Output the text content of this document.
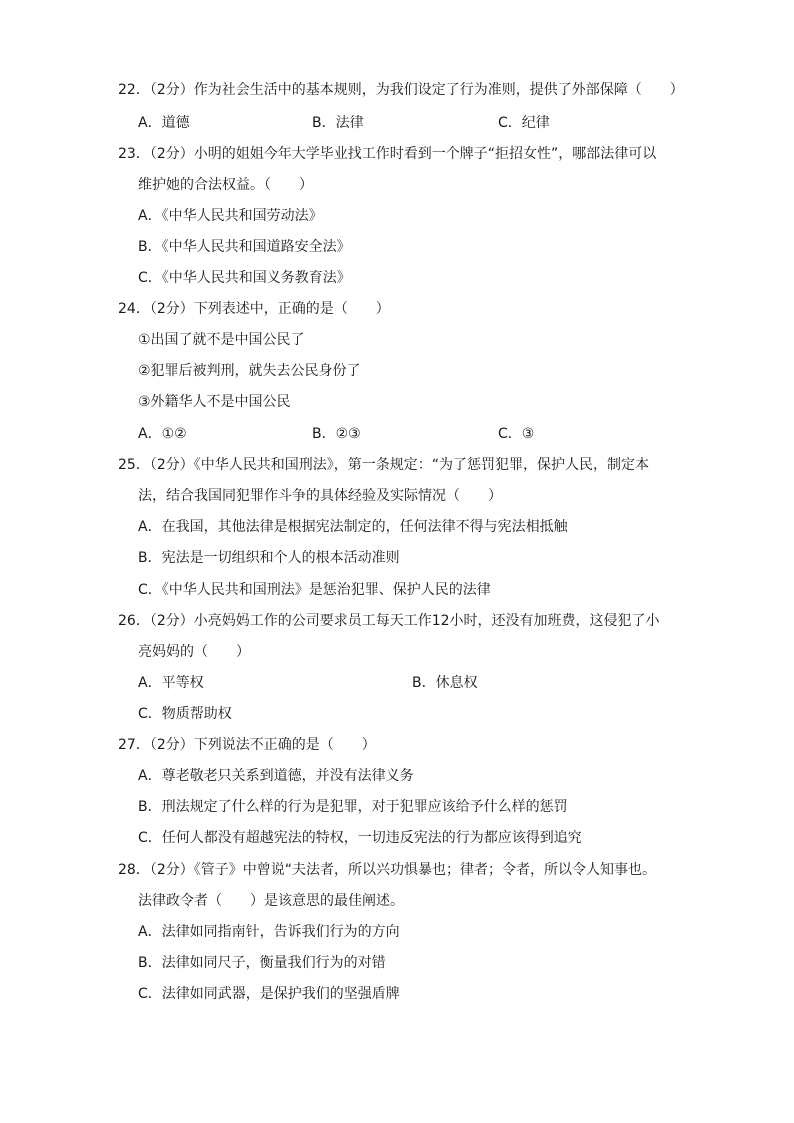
22．（2分）作为社会生活中的基本规则，为我们设定了行为准则，提供了外部保障（　　）
A．道德	B．法律	C．纪律
23．（2分）小明的姐姐今年大学毕业找工作时看到一个牌子“拒招女性”，哪部法律可以
维护她的合法权益。（　　）
A．《中华人民共和国劳动法》
B．《中华人民共和国道路安全法》
C．《中华人民共和国义务教育法》
24．（2分）下列表述中，正确的是（　　）
①出国了就不是中国公民了
②犯罪后被判刑，就失去公民身份了
③外籍华人不是中国公民
A．①②	B．②③	C．③
25．（2分）《中华人民共和国刑法》，第一条规定：“为了惩罚犯罪，保护人民，制定本
法，结合我国同犯罪作斗争的具体经验及实际情况（　　）
A．在我国，其他法律是根据宪法制定的，任何法律不得与宪法相抵触
B．宪法是一切组织和个人的根本活动准则
C．《中华人民共和国刑法》是惩治犯罪、保护人民的法律
26．（2分）小亮妈妈工作的公司要求员工每天工作12小时，还没有加班费，这侵犯了小
亮妈妈的（　　）
A．平等权	B．休息权
C．物质帮助权
27．（2分）下列说法不正确的是（　　）
A．尊老敬老只关系到道德，并没有法律义务
B．刑法规定了什么样的行为是犯罪，对于犯罪应该给予什么样的惩罚
C．任何人都没有超越宪法的特权，一切违反宪法的行为都应该得到追究
28．（2分）《管子》中曾说“夫法者，所以兴功惧暴也；律者；令者，所以令人知事也。
法律政令者（　　）是该意思的最佳阐述。
A．法律如同指南针，告诉我们行为的方向
B．法律如同尺子，衡量我们行为的对错
C．法律如同武器，是保护我们的坚强盾牌
